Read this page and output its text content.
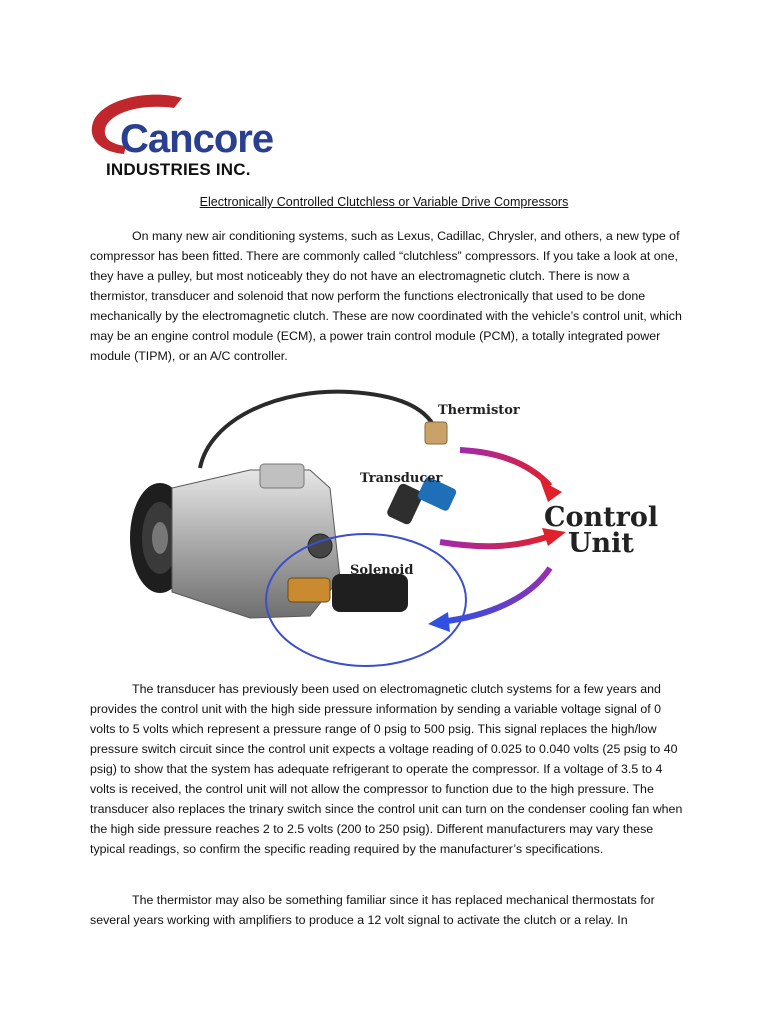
Cancore
INDUSTRIES INC.
Electronically Controlled Clutchless or Variable Drive Compressors
On many new air conditioning systems, such as Lexus, Cadillac, Chrysler, and others, a new type of compressor has been fitted. There are commonly called “clutchless” compressors. If you take a look at one, they have a pulley, but most noticeably they do not have an electromagnetic clutch. There is now a thermistor, transducer and solenoid that now perform the functions electronically that used to be done mechanically by the electromagnetic clutch. These are now coordinated with the vehicle’s control unit, which may be an engine control module (ECM), a power train control module (PCM), a totally integrated power module (TIPM), or an A/C controller.
Thermistor
Transducer
Solenoid
Control
Unit
The transducer has previously been used on electromagnetic clutch systems for a few years and provides the control unit with the high side pressure information by sending a variable voltage signal of 0 volts to 5 volts which represent a pressure range of 0 psig to 500 psig. This signal replaces the high/low pressure switch circuit since the control unit expects a voltage reading of 0.025 to 0.040 volts (25 psig to 40 psig) to show that the system has adequate refrigerant to operate the compressor. If a voltage of 3.5 to 4 volts is received, the control unit will not allow the compressor to function due to the high pressure. The transducer also replaces the trinary switch since the control unit can turn on the condenser cooling fan when the high side pressure reaches 2 to 2.5 volts (200 to 250 psig). Different manufacturers may vary these typical readings, so confirm the specific reading required by the manufacturer’s specifications.
The thermistor may also be something familiar since it has replaced mechanical thermostats for several years working with amplifiers to produce a 12 volt signal to activate the clutch or a relay. In
